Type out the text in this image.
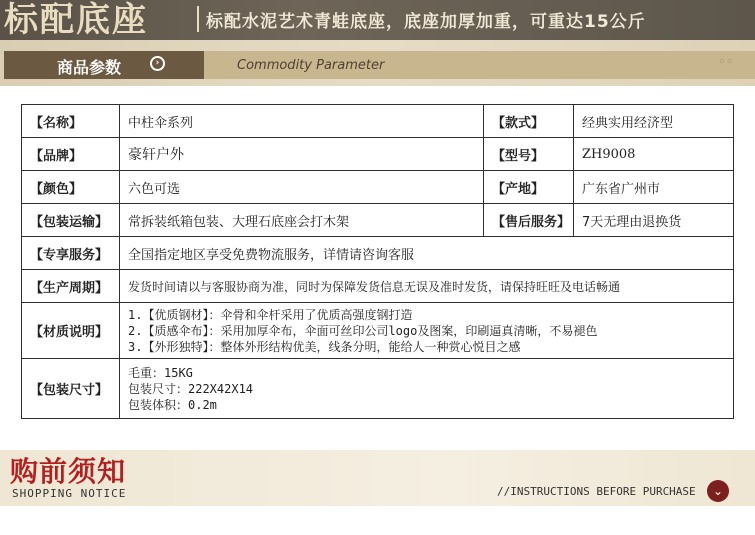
标配底座	标配水泥艺术青蛙底座，底座加厚加重，可重达15公斤
商品参数	›	Commodity Parameter	◦◦
【名称】	中柱伞系列	【款式】	经典实用经济型
【品牌】	豪轩户外	【型号】	ZH9008
【颜色】	六色可选	【产地】	广东省广州市
【包装运输】	常拆装纸箱包装、大理石底座会打木架	【售后服务】	7天无理由退换货
【专享服务】	全国指定地区享受免费物流服务，详情请咨询客服		
【生产周期】	发货时间请以与客服协商为准，同时为保障发货信息无误及准时发货，请保持旺旺及电话畅通		
【材质说明】	1.【优质钢材】：伞骨和伞杆采用了优质高强度钢打造
2.【质感伞布】：采用加厚伞布，伞面可丝印公司logo及图案，印刷逼真清晰，不易褪色
3.【外形独特】：整体外形结构优美，线条分明，能给人一种赏心悦目之感		

【包装尺寸】	毛重：15KG
包装尺寸：222X42X14
包装体积：0.2m		
购前须知
SHOPPING NOTICE	//INSTRUCTIONS BEFORE PURCHASE	⌄
